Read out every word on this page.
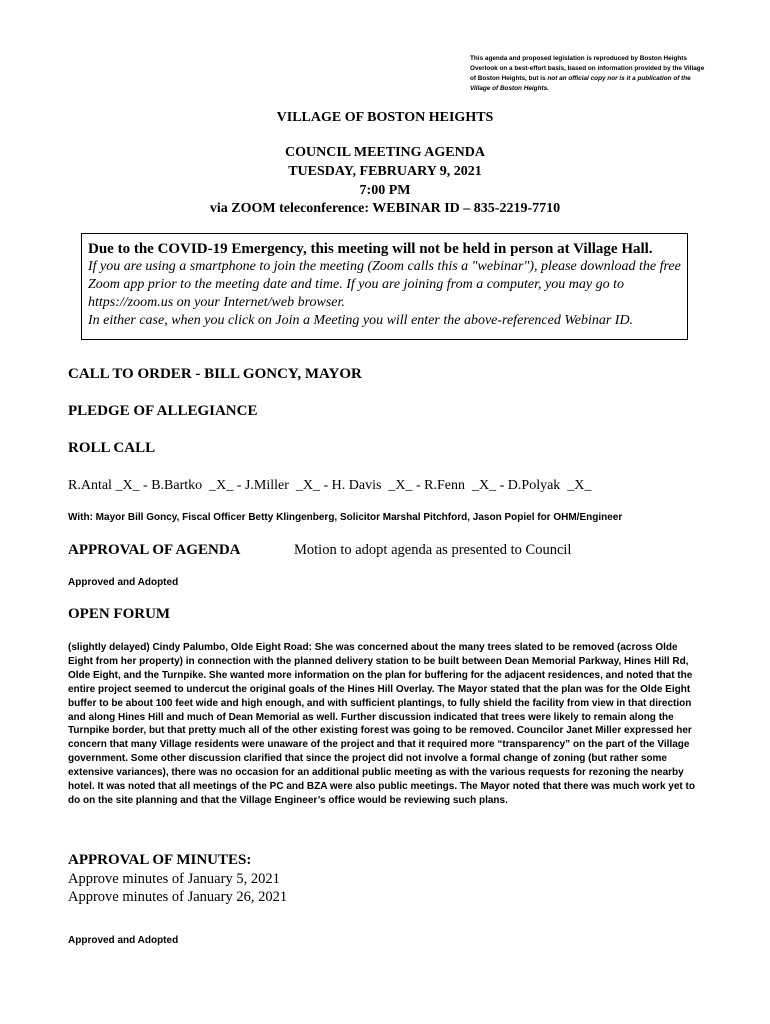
This agenda and proposed legislation is reproduced by Boston Heights Overlook on a best-effort basis, based on information provided by the Village of Boston Heights, but is not an official copy nor is it a publication of the Village of Boston Heights.
VILLAGE OF BOSTON HEIGHTS
COUNCIL MEETING AGENDA
TUESDAY, FEBRUARY 9, 2021
7:00 PM
via ZOOM teleconference: WEBINAR ID – 835-2219-7710
Due to the COVID-19 Emergency, this meeting will not be held in person at Village Hall.
If you are using a smartphone to join the meeting (Zoom calls this a "webinar"), please download the free Zoom app prior to the meeting date and time. If you are joining from a computer, you may go to https://zoom.us on your Internet/web browser.
In either case, when you click on Join a Meeting you will enter the above-referenced Webinar ID.
CALL TO ORDER - BILL GONCY, MAYOR
PLEDGE OF ALLEGIANCE
ROLL CALL
R.Antal _X_ - B.Bartko  _X_ - J.Miller  _X_ - H. Davis  _X_ - R.Fenn  _X_ - D.Polyak  _X_
With: Mayor Bill Goncy, Fiscal Officer Betty Klingenberg, Solicitor Marshal Pitchford, Jason Popiel for OHM/Engineer
APPROVAL OF AGENDA	Motion to adopt agenda as presented to Council
Approved and Adopted
OPEN FORUM
(slightly delayed) Cindy Palumbo, Olde Eight Road: She was concerned about the many trees slated to be removed (across Olde Eight from her property) in connection with the planned delivery station to be built between Dean Memorial Parkway, Hines Hill Rd, Olde Eight, and the Turnpike. She wanted more information on the plan for buffering for the adjacent residences, and noted that the entire project seemed to undercut the original goals of the Hines Hill Overlay. The Mayor stated that the plan was for the Olde Eight buffer to be about 100 feet wide and high enough, and with sufficient plantings, to fully shield the facility from view in that direction and along Hines Hill and much of Dean Memorial as well. Further discussion indicated that trees were likely to remain along the Turnpike border, but that pretty much all of the other existing forest was going to be removed. Councilor Janet Miller expressed her concern that many Village residents were unaware of the project and that it required more “transparency” on the part of the Village government. Some other discussion clarified that since the project did not involve a formal change of zoning (but rather some extensive variances), there was no occasion for an additional public meeting as with the various requests for rezoning the nearby hotel. It was noted that all meetings of the PC and BZA were also public meetings. The Mayor noted that there was much work yet to do on the site planning and that the Village Engineer’s office would be reviewing such plans.
APPROVAL OF MINUTES:
Approve minutes of January 5, 2021
Approve minutes of January 26, 2021
Approved and Adopted
